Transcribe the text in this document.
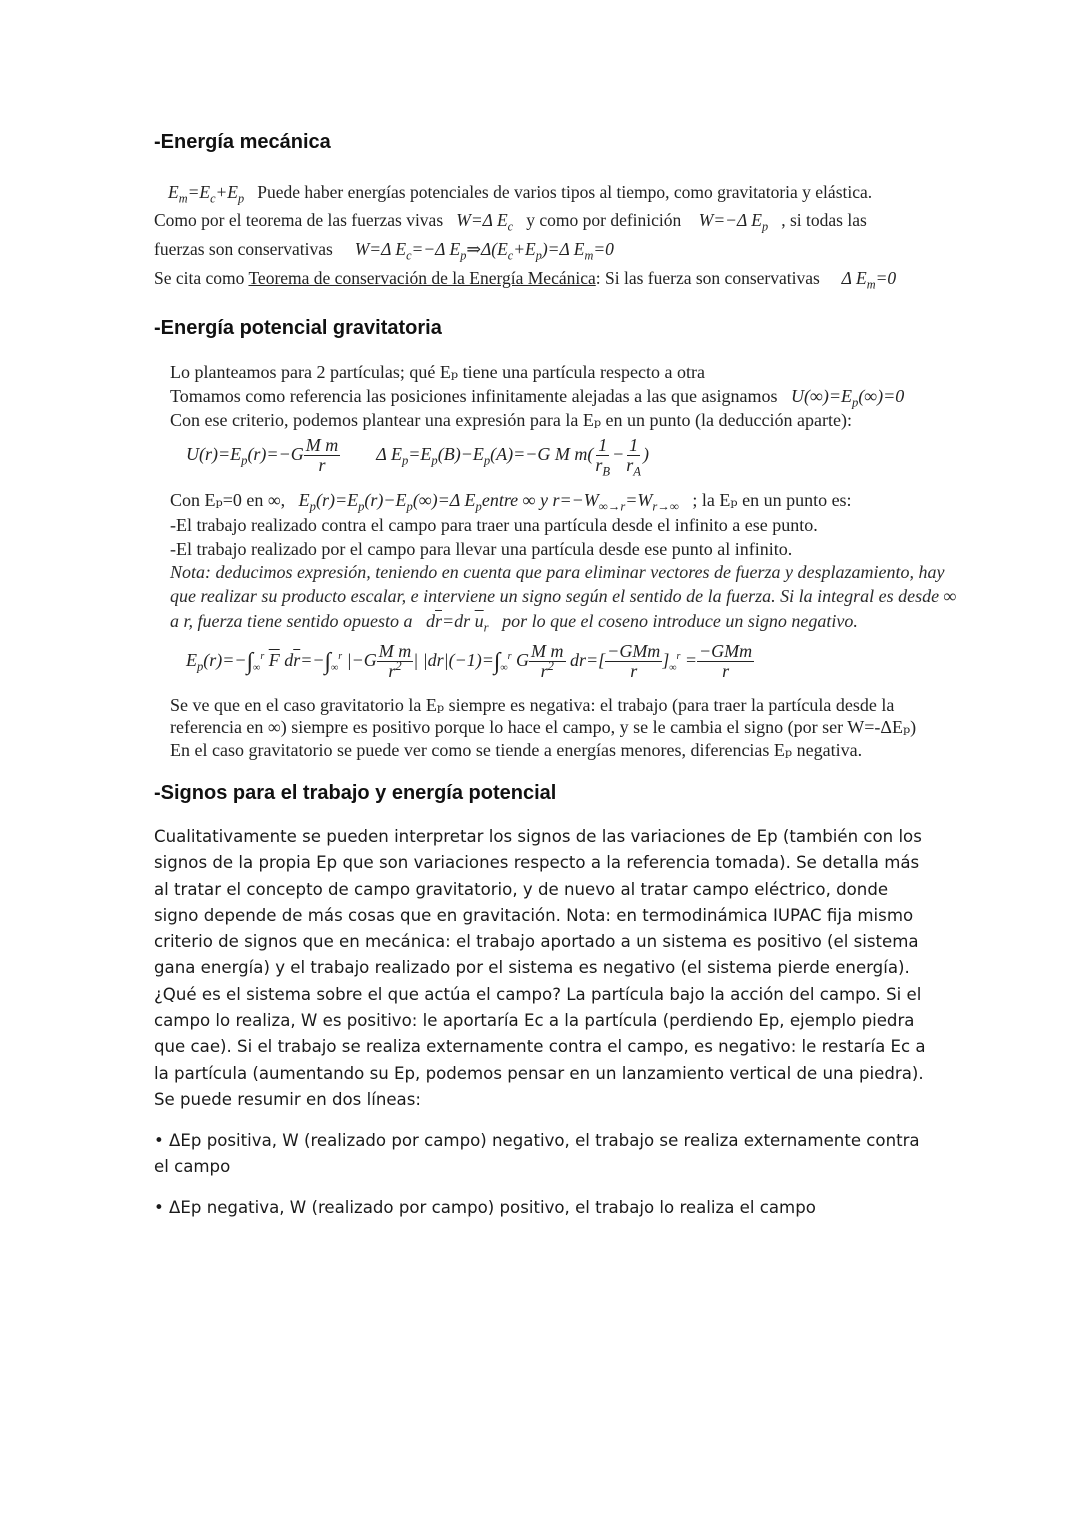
-Energía mecánica
$E_m=E_c+E_p$ Puede haber energías potenciales de varios tipos al tiempo, como gravitatoria y elástica.
Como por el teorema de las fuerzas vivas W=Δ $E_c$ y como por definición W=−Δ $E_p$ , si todas las
fuerzas son conservativas W=Δ $E_c=-\Delta$ $E_p\Rightarrow\Delta(E_c+E_p)=\Delta$ $E_m=0$
Se cita como Teorema de conservación de la Energía Mecánica: Si las fuerza son conservativas Δ $E_m=0$
-Energía potencial gravitatoria
Lo planteamos para 2 partículas; qué Eₚ tiene una partícula respecto a otra
Tomamos como referencia las posiciones infinitamente alejadas a las que asignamos $U(\infty)=E_p(\infty)=0$
Con ese criterio, podemos plantear una expresión para la Eₚ en un punto (la deducción aparte):
$U(r)=E_p(r)=-G \frac{\text{M m}}{r}$ Δ $E_p=E_p(B)-E_p(A)=-G$ M $m( \frac{1}{r_B} - \frac{1}{r_A}$ )
Con Eₚ=0 en ∞, $E_p(r)=E_p(r)-E_p(\infty)=\Delta$ $E_pentre$ ∞ y $r=-W_{\infty\to r}=W_{r\to\infty}$ ; la Eₚ en un punto es:
-El trabajo realizado contra el campo para traer una partícula desde el infinito a ese punto.
-El trabajo realizado por el campo para llevar una partícula desde ese punto al infinito.
Nota: deducimos expresión, teniendo en cuenta que para eliminar vectores de fuerza y desplazamiento, hay
que realizar su producto escalar, e interviene un signo según el sentido de la fuerza. Si la integral es desde ∞
a r, fuerza tiene sentido opuesto a $d\overline{r}=dr$ $\overline{u}_r$ por lo que el coseno introduce un signo negativo.
$E_p(r)=-\int_\infty^r$ $\overline{F}$ $d\overline{r}=-\int_\infty^r$ $|-G \frac{\text{M m}}{r^2}$ | $|dr|(-1)=\int_\infty^r$ G $\frac{\text{M m}}{r^2} dr=[ \frac{\text{−GMm}}{r} ]_\infty^r = \frac{\text{−GMm}}{r}$
Se ve que en el caso gravitatorio la Eₚ siempre es negativa: el trabajo (para traer la partícula desde la
referencia en ∞) siempre es positivo porque lo hace el campo, y se le cambia el signo (por ser W=-ΔEₚ)
En el caso gravitatorio se puede ver como se tiende a energías menores, diferencias Eₚ negativa.
-Signos para el trabajo y energía potencial

Cualitativamente se pueden interpretar los signos de las variaciones de Ep (también con los signos de la propia Ep que son variaciones respecto a la referencia tomada). Se detalla más al tratar el concepto de campo gravitatorio, y de nuevo al tratar campo eléctrico, donde signo depende de más cosas que en gravitación. Nota: en termodinámica IUPAC fija mismo criterio de signos que en mecánica: el trabajo aportado a un sistema es positivo (el sistema gana energía) y el trabajo realizado por el sistema es negativo (el sistema pierde energía). ¿Qué es el sistema sobre el que actúa el campo? La partícula bajo la acción del campo. Si el campo lo realiza, W es positivo: le aportaría Ec a la partícula (perdiendo Ep, ejemplo piedra que cae). Si el trabajo se realiza externamente contra el campo, es negativo: le restaría Ec a la partícula (aumentando su Ep, podemos pensar en un lanzamiento vertical de una piedra). Se puede resumir en dos líneas:

• ΔEp positiva, W (realizado por campo) negativo, el trabajo se realiza externamente contra el campo

• ΔEp negativa, W (realizado por campo) positivo, el trabajo lo realiza el campo
